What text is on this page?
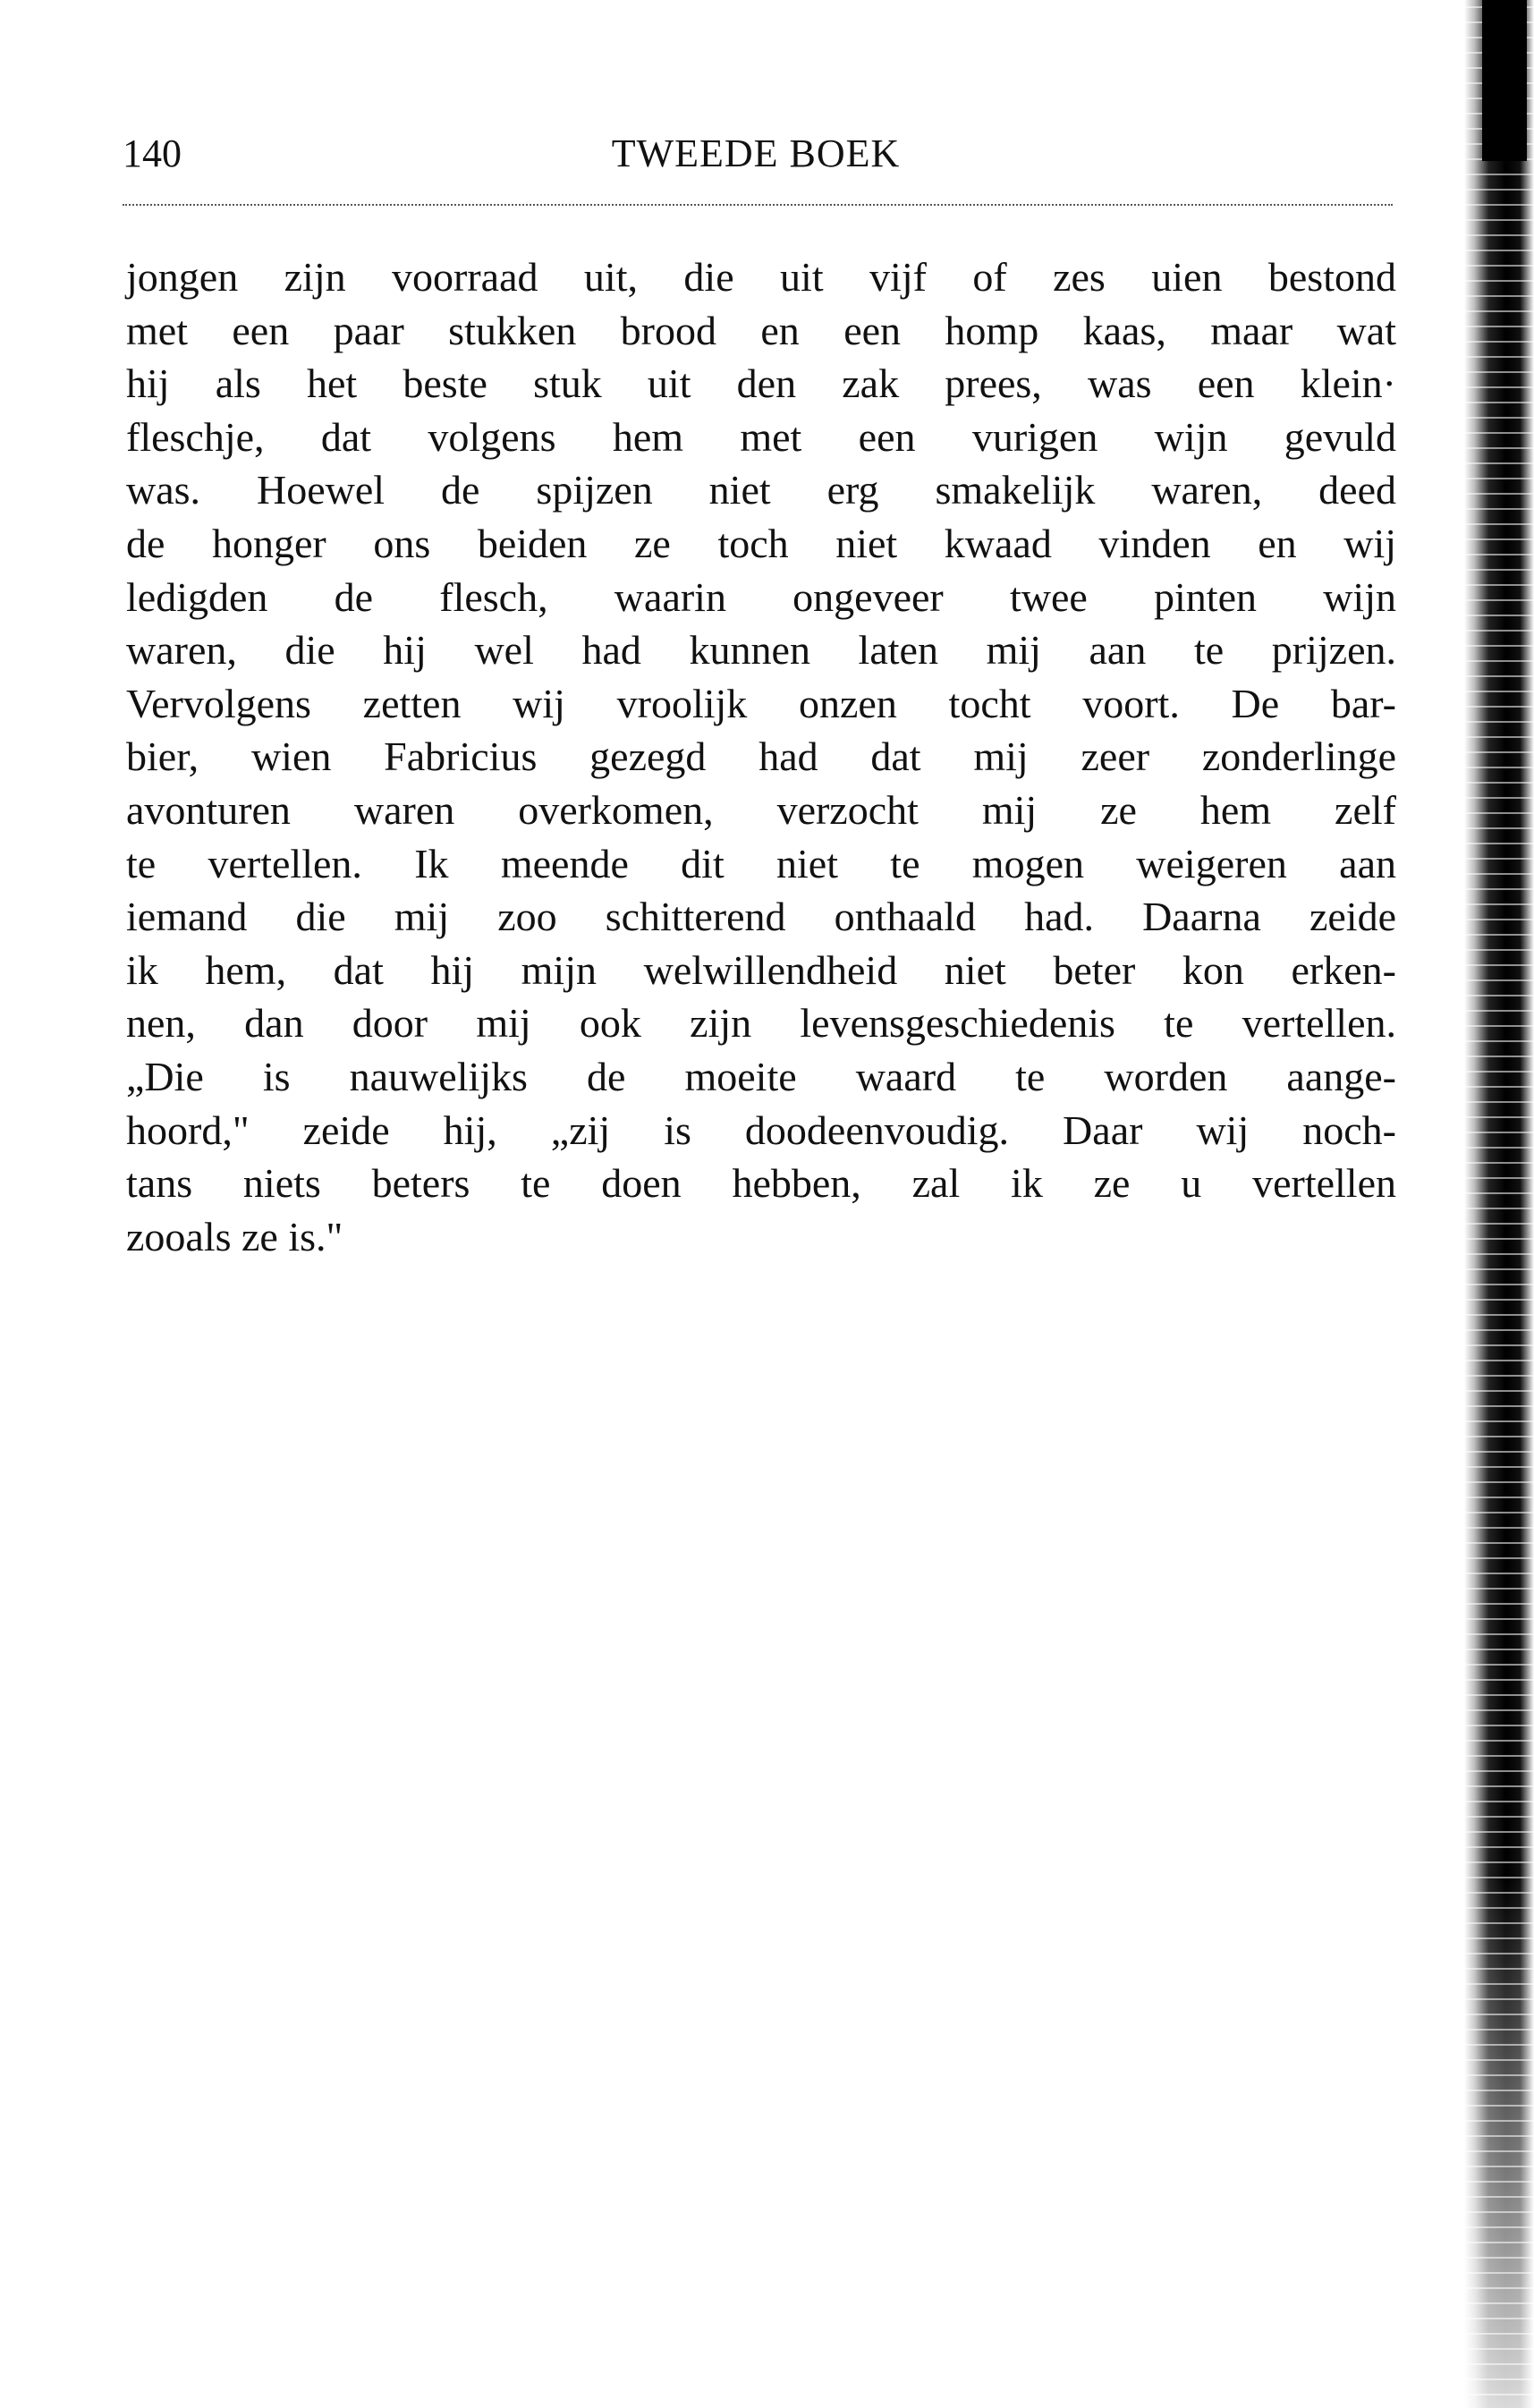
140	TWEEDE BOEK
jongen zijn voorraad uit, die uit vijf of zes uien bestond
met een paar stukken brood en een homp kaas, maar wat
hij als het beste stuk uit den zak prees, was een klein·
fleschje, dat volgens hem met een vurigen wijn gevuld
was. Hoewel de spijzen niet erg smakelijk waren, deed
de honger ons beiden ze toch niet kwaad vinden en wij
ledigden de flesch, waarin ongeveer twee pinten wijn
waren, die hij wel had kunnen laten mij aan te prijzen.
Vervolgens zetten wij vroolijk onzen tocht voort. De bar-
bier, wien Fabricius gezegd had dat mij zeer zonderlinge
avonturen waren overkomen, verzocht mij ze hem zelf
te vertellen. Ik meende dit niet te mogen weigeren aan
iemand die mij zoo schitterend onthaald had. Daarna zeide
ik hem, dat hij mijn welwillendheid niet beter kon erken-
nen, dan door mij ook zijn levensgeschiedenis te vertellen.
„Die is nauwelijks de moeite waard te worden aange-
hoord," zeide hij, „zij is doodeenvoudig. Daar wij noch-
tans niets beters te doen hebben, zal ik ze u vertellen
zooals ze is."
